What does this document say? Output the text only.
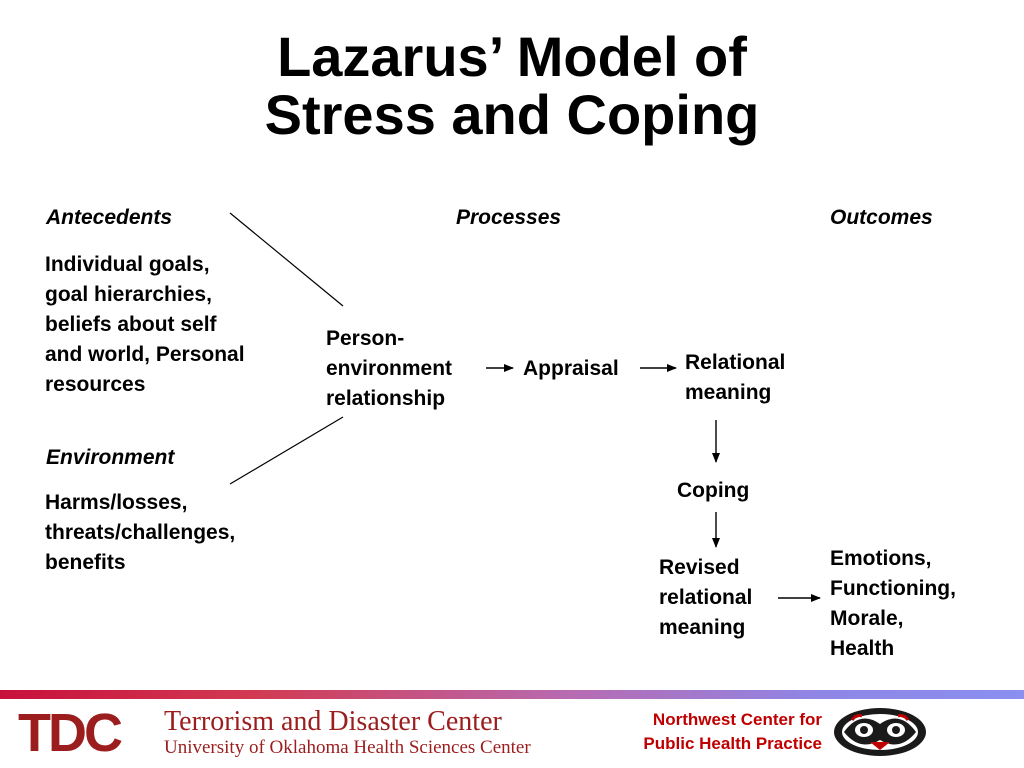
Lazarus’ Model of
Stress and Coping
Antecedents	Processes	Outcomes
Individual goals,
goal hierarchies,
beliefs about self
and world, Personal
resources
Environment
Harms/losses,
threats/challenges,
benefits
Person-
environment
relationship
Appraisal	Relational
meaning
Coping
Revised
relational
meaning
Emotions,
Functioning,
Morale,
Health
TDC Terrorism and Disaster Center
University of Oklahoma Health Sciences Center
Northwest Center for
Public Health Practice
